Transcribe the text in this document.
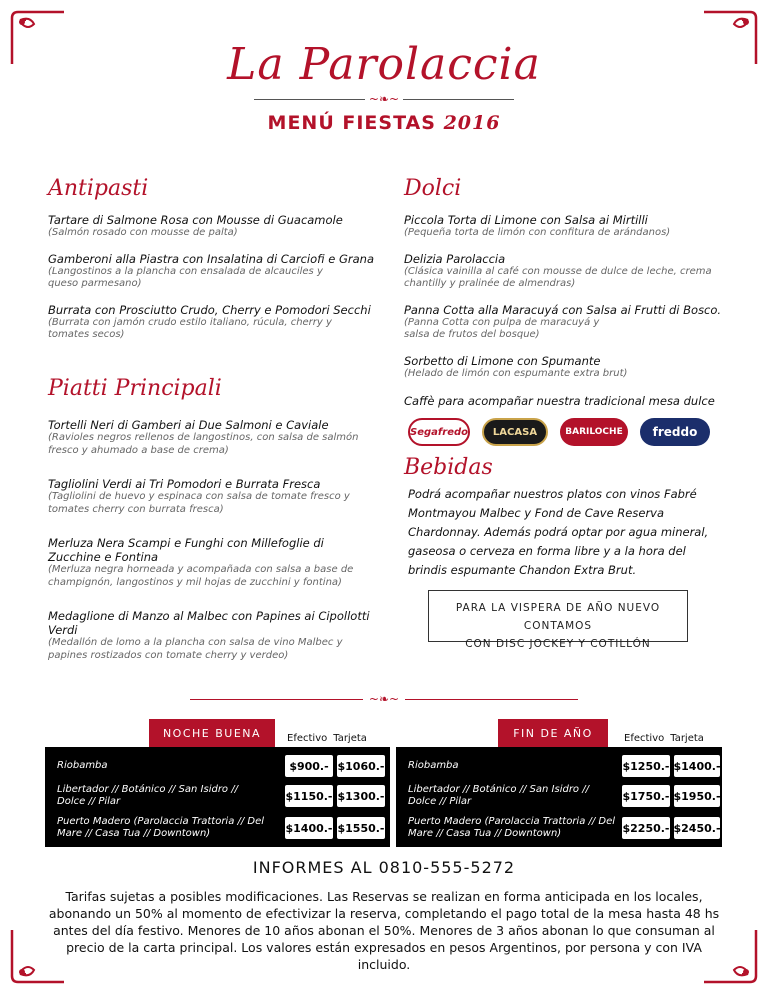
La Parolaccia
~❧~
MENÚ FIESTAS 2016
Antipasti
Tartare di Salmone Rosa con Mousse di Guacamole
(Salmón rosado con mousse de palta)
Gamberoni alla Piastra con Insalatina di Carciofi e Grana
(Langostinos a la plancha con ensalada de alcauciles y queso parmesano)
Burrata con Prosciutto Crudo, Cherry e Pomodori Secchi
(Burrata con jamón crudo estilo italiano, rúcula, cherry y tomates secos)
Piatti Principali
Tortelli Neri di Gamberi ai Due Salmoni e Caviale
(Ravioles negros rellenos de langostinos, con salsa de salmón fresco y ahumado a base de crema)
Tagliolini Verdi ai Tri Pomodori e Burrata Fresca
(Tagliolini de huevo y espinaca con salsa de tomate fresco y tomates cherry con burrata fresca)
Merluza Nera Scampi e Funghi con Millefoglie di Zucchine e Fontina
(Merluza negra horneada y acompañada con salsa a base de champignón, langostinos y mil hojas de zucchini y fontina)
Medaglione di Manzo al Malbec con Papines ai Cipollotti Verdi
(Medallón de lomo a la plancha con salsa de vino Malbec y papines rostizados con tomate cherry y verdeo)
Dolci
Piccola Torta di Limone con Salsa ai Mirtilli
(Pequeña torta de limón con confitura de arándanos)
Delizia Parolaccia
(Clásica vainilla al café con mousse de dulce de leche, crema chantilly y pralinée de almendras)
Panna Cotta alla Maracuyá con Salsa ai Frutti di Bosco.
(Panna Cotta con pulpa de maracuyá y salsa de frutos del bosque)
Sorbetto di Limone con Spumante
(Helado de limón con espumante extra brut)
Caffè para acompañar nuestra tradicional mesa dulce
Segafredo	LACASA	BARILOCHE	freddo
Bebidas
Podrá acompañar nuestros platos con vinos Fabré Montmayou Malbec y Fond de Cave Reserva Chardonnay. Además podrá optar por agua mineral, gaseosa o cerveza en forma libre y a la hora del brindis espumante Chandon Extra Brut.
PARA LA VISPERA DE AÑO NUEVO CONTAMOS
CON DISC JOCKEY Y COTILLÓN
~❧~
NOCHE BUENA	Efectivo Tarjeta
Riobamba	$900.- $1060.-
Libertador // Botánico // San Isidro // Dolce // Pilar	$1150.- $1300.-
Puerto Madero (Parolaccia Trattoria // Del Mare // Casa Tua // Downtown)	$1400.- $1550.-
FIN DE AÑO	Efectivo Tarjeta
Riobamba	$1250.- $1400.-
Libertador // Botánico // San Isidro // Dolce // Pilar	$1750.- $1950.-
Puerto Madero (Parolaccia Trattoria // Del Mare // Casa Tua // Downtown)	$2250.- $2450.-
INFORMES AL 0810-555-5272
Tarifas sujetas a posibles modificaciones. Las Reservas se realizan en forma anticipada en los locales, abonando un 50% al momento de efectivizar la reserva, completando el pago total de la mesa hasta 48 hs antes del día festivo. Menores de 10 años abonan el 50%. Menores de 3 años abonan lo que consuman al precio de la carta principal. Los valores están expresados en pesos Argentinos, por persona y con IVA incluido.
